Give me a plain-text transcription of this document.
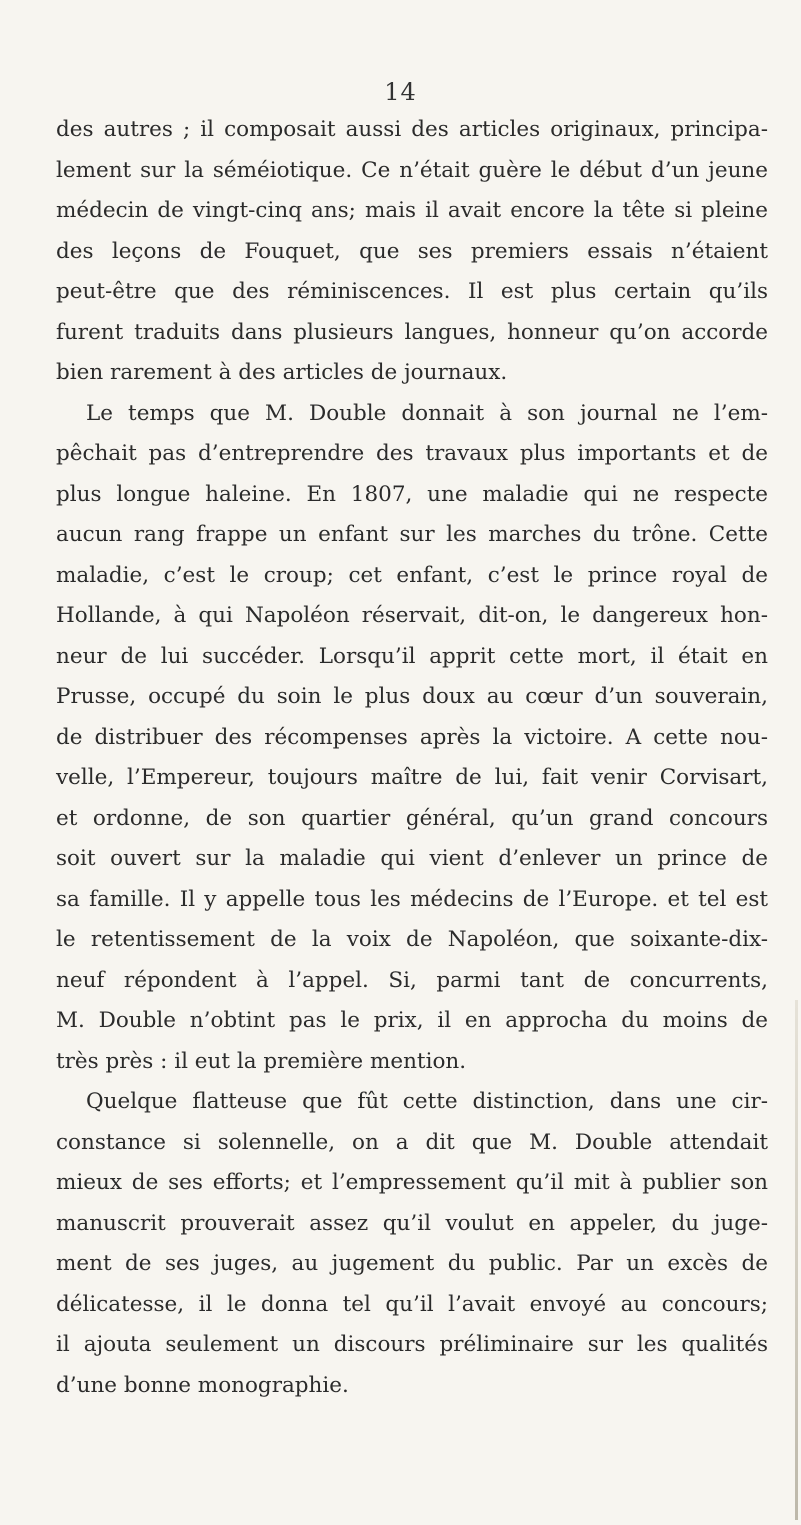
14
des autres ; il composait aussi des articles originaux, principa-
lement sur la séméiotique. Ce n’était guère le début d’un jeune
médecin de vingt-cinq ans; mais il avait encore la tête si pleine
des leçons de Fouquet, que ses premiers essais n’étaient
peut-être que des réminiscences. Il est plus certain qu’ils
furent traduits dans plusieurs langues, honneur qu’on accorde
bien rarement à des articles de journaux.
Le temps que M. Double donnait à son journal ne l’em-
pêchait pas d’entreprendre des travaux plus importants et de
plus longue haleine. En 1807, une maladie qui ne respecte
aucun rang frappe un enfant sur les marches du trône. Cette
maladie, c’est le croup; cet enfant, c’est le prince royal de
Hollande, à qui Napoléon réservait, dit-on, le dangereux hon-
neur de lui succéder. Lorsqu’il apprit cette mort, il était en
Prusse, occupé du soin le plus doux au cœur d’un souverain,
de distribuer des récompenses après la victoire. A cette nou-
velle, l’Empereur, toujours maître de lui, fait venir Corvisart,
et ordonne, de son quartier général, qu’un grand concours
soit ouvert sur la maladie qui vient d’enlever un prince de
sa famille. Il y appelle tous les médecins de l’Europe. et tel est
le retentissement de la voix de Napoléon, que soixante-dix-
neuf répondent à l’appel. Si, parmi tant de concurrents,
M. Double n’obtint pas le prix, il en approcha du moins de
très près : il eut la première mention.
Quelque flatteuse que fût cette distinction, dans une cir-
constance si solennelle, on a dit que M. Double attendait
mieux de ses efforts; et l’empressement qu’il mit à publier son
manuscrit prouverait assez qu’il voulut en appeler, du juge-
ment de ses juges, au jugement du public. Par un excès de
délicatesse, il le donna tel qu’il l’avait envoyé au concours;
il ajouta seulement un discours préliminaire sur les qualités
d’une bonne monographie.
